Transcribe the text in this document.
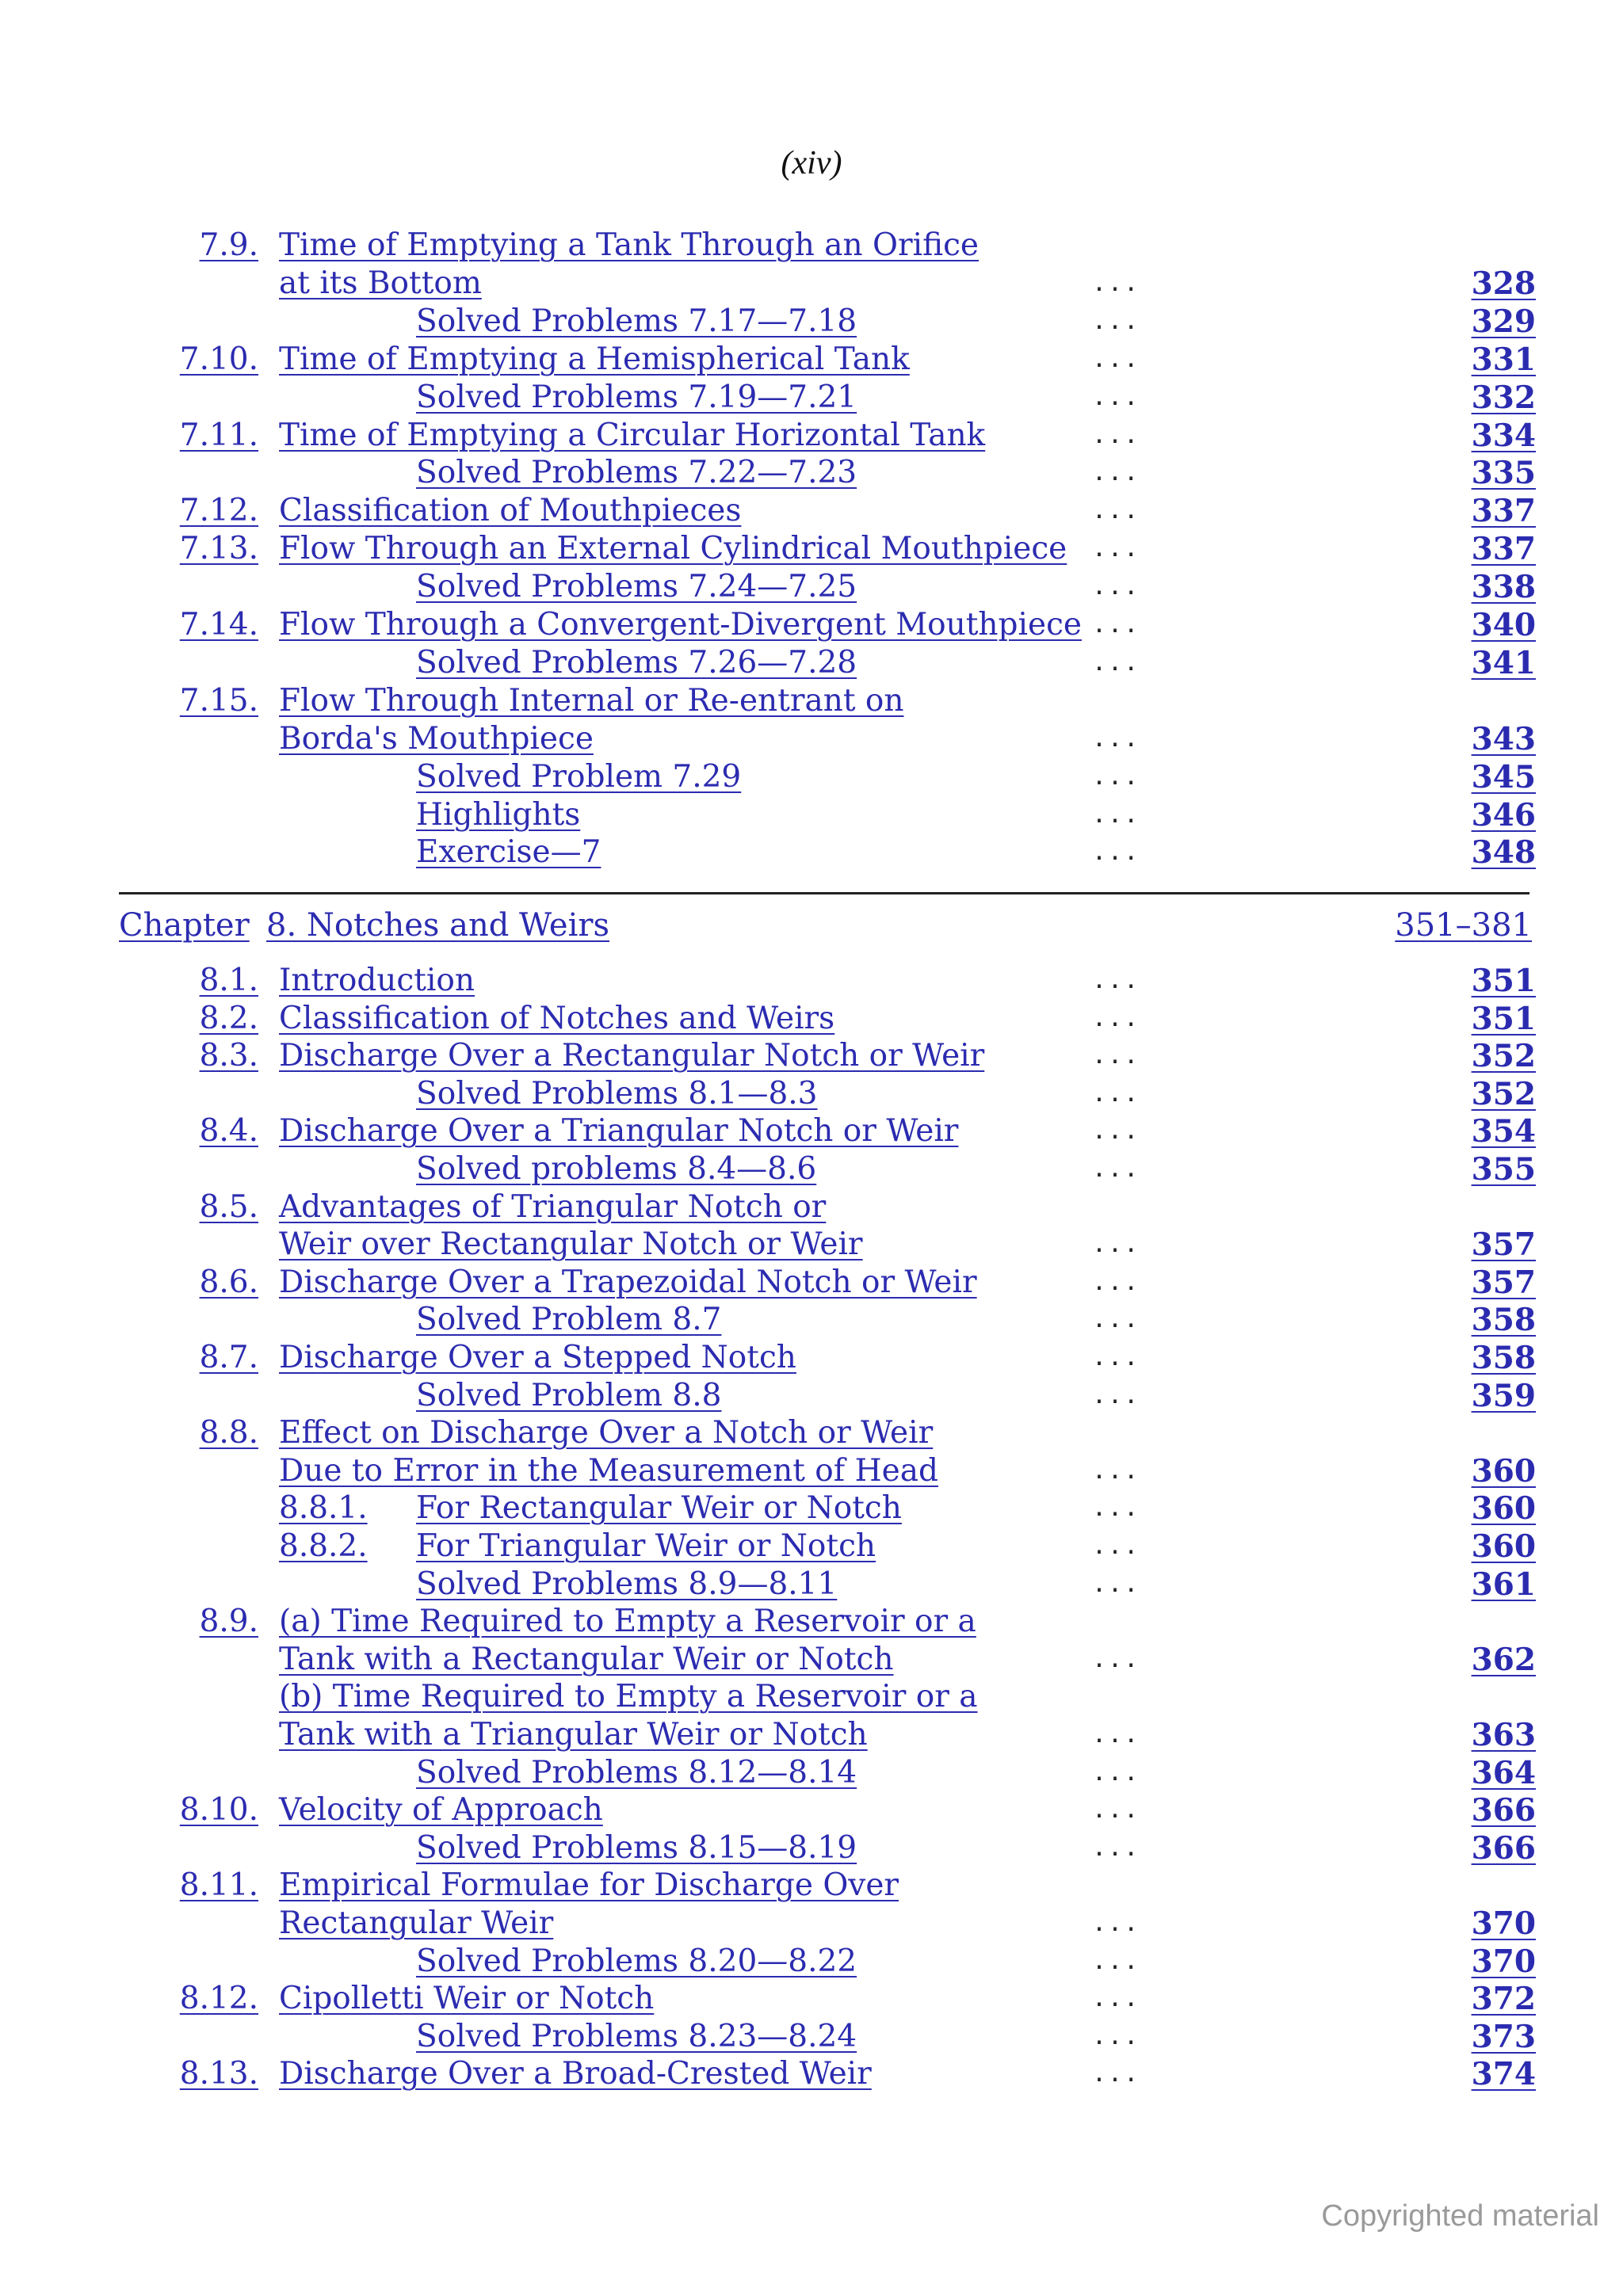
(xiv)
7.9. Time of Emptying a Tank Through an Orifice
at its Bottom	...	328
Solved Problems 7.17—7.18	...	329
7.10. Time of Emptying a Hemispherical Tank	...	331
Solved Problems 7.19—7.21	...	332
7.11. Time of Emptying a Circular Horizontal Tank	...	334
Solved Problems 7.22—7.23	...	335
7.12. Classification of Mouthpieces	...	337
7.13. Flow Through an External Cylindrical Mouthpiece ...	337
Solved Problems 7.24—7.25	...	338
7.14. Flow Through a Convergent-Divergent Mouthpiece ...	340
Solved Problems 7.26—7.28	...	341
7.15. Flow Through Internal or Re-entrant on
Borda's Mouthpiece	...	343
Solved Problem 7.29	...	345
Highlights	...	346
Exercise—7	...	348
Chapter 8. Notches and Weirs	351–381
8.1. Introduction	...	351
8.2. Classification of Notches and Weirs	...	351
8.3. Discharge Over a Rectangular Notch or Weir	...	352
Solved Problems 8.1—8.3	...	352
8.4. Discharge Over a Triangular Notch or Weir	...	354
Solved problems 8.4—8.6	...	355
8.5. Advantages of Triangular Notch or
Weir over Rectangular Notch or Weir	...	357
8.6. Discharge Over a Trapezoidal Notch or Weir	...	357
Solved Problem 8.7	...	358
8.7. Discharge Over a Stepped Notch	...	358
Solved Problem 8.8	...	359
8.8. Effect on Discharge Over a Notch or Weir
Due to Error in the Measurement of Head	...	360
8.8.1. For Rectangular Weir or Notch	...	360
8.8.2. For Triangular Weir or Notch	...	360
Solved Problems 8.9—8.11	...	361
8.9. (a) Time Required to Empty a Reservoir or a
Tank with a Rectangular Weir or Notch	...	362
(b) Time Required to Empty a Reservoir or a
Tank with a Triangular Weir or Notch	...	363
Solved Problems 8.12—8.14	...	364
8.10. Velocity of Approach	...	366
Solved Problems 8.15—8.19	...	366
8.11. Empirical Formulae for Discharge Over
Rectangular Weir	...	370
Solved Problems 8.20—8.22	...	370
8.12. Cipolletti Weir or Notch	...	372
Solved Problems 8.23—8.24	...	373
8.13. Discharge Over a Broad-Crested Weir	...	374
Copyrighted material
